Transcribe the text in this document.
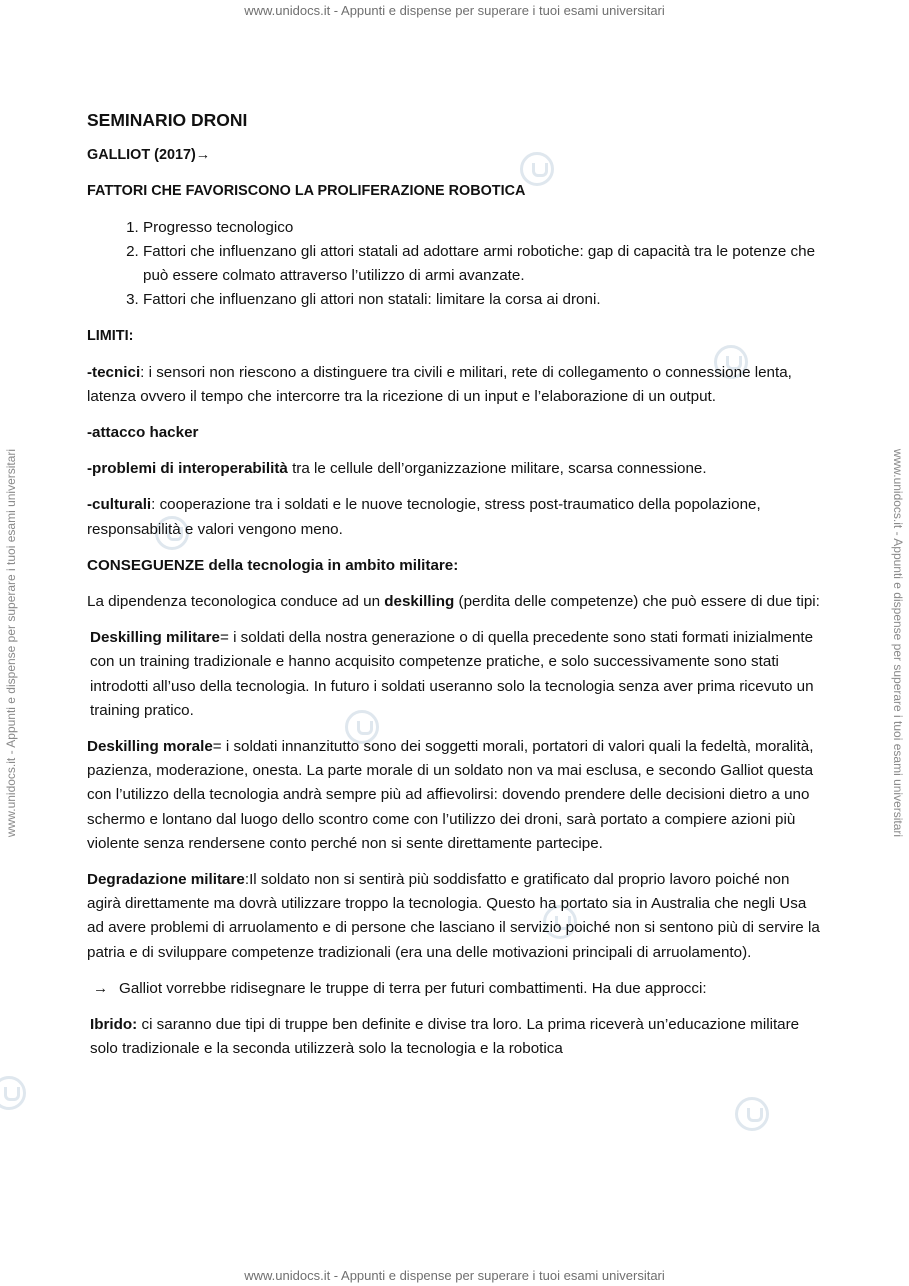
www.unidocs.it - Appunti e dispense per superare i tuoi esami universitari
www.unidocs.it - Appunti e dispense per superare i tuoi esami universitari
www.unidocs.it - Appunti e dispense per superare i tuoi esami universitari	www.unidocs.it - Appunti e dispense per superare i tuoi esami universitari
SEMINARIO DRONI
GALLIOT (2017)→
FATTORI CHE FAVORISCONO LA PROLIFERAZIONE ROBOTICA
1. Progresso tecnologico
2. Fattori che influenzano gli attori statali ad adottare armi robotiche: gap di capacità tra le potenze che può essere colmato attraverso l’utilizzo di armi avanzate.
3. Fattori che influenzano gli attori non statali: limitare la corsa ai droni.
LIMITI:

-tecnici: i sensori non riescono a distinguere tra civili e militari, rete di collegamento o connessione lenta, latenza ovvero il tempo che intercorre tra la ricezione di un input e l’elaborazione di un output.

-attacco hacker

-problemi di interoperabilità tra le cellule dell’organizzazione militare, scarsa connessione.

-culturali: cooperazione tra i soldati e le nuove tecnologie, stress post-traumatico della popolazione, responsabilità e valori vengono meno.

CONSEGUENZE della tecnologia in ambito militare:

La dipendenza teconologica conduce ad un deskilling (perdita delle competenze) che può essere di due tipi:

Deskilling militare= i soldati della nostra generazione o di quella precedente sono stati formati inizialmente con un training tradizionale e hanno acquisito competenze pratiche, e solo successivamente sono stati introdotti all’uso della tecnologia. In futuro i soldati useranno solo la tecnologia senza aver prima ricevuto un training pratico.

Deskilling morale= i soldati innanzitutto sono dei soggetti morali, portatori di valori quali la fedeltà, moralità, pazienza, moderazione, onesta. La parte morale di un soldato non va mai esclusa, e secondo Galliot questa con l’utilizzo della tecnologia andrà sempre più ad affievolirsi: dovendo prendere delle decisioni dietro a uno schermo e lontano dal luogo dello scontro come con l’utilizzo dei droni, sarà portato a compiere azioni più violente senza rendersene conto perché non si sente direttamente partecipe.

Degradazione militare:Il soldato non si sentirà più soddisfatto e gratificato dal proprio lavoro poiché non agirà direttamente ma dovrà utilizzare troppo la tecnologia. Questo ha portato sia in Australia che negli Usa ad avere problemi di arruolamento e di persone che lasciano il servizio poiché non si sentono più di servire la patria e di sviluppare competenze tradizionali (era una delle motivazioni principali di arruolamento).

→ Galliot vorrebbe ridisegnare le truppe di terra per futuri combattimenti. Ha due approcci:

Ibrido: ci saranno due tipi di truppe ben definite e divise tra loro. La prima riceverà un’educazione militare solo tradizionale e la seconda utilizzerà solo la tecnologia e la robotica
